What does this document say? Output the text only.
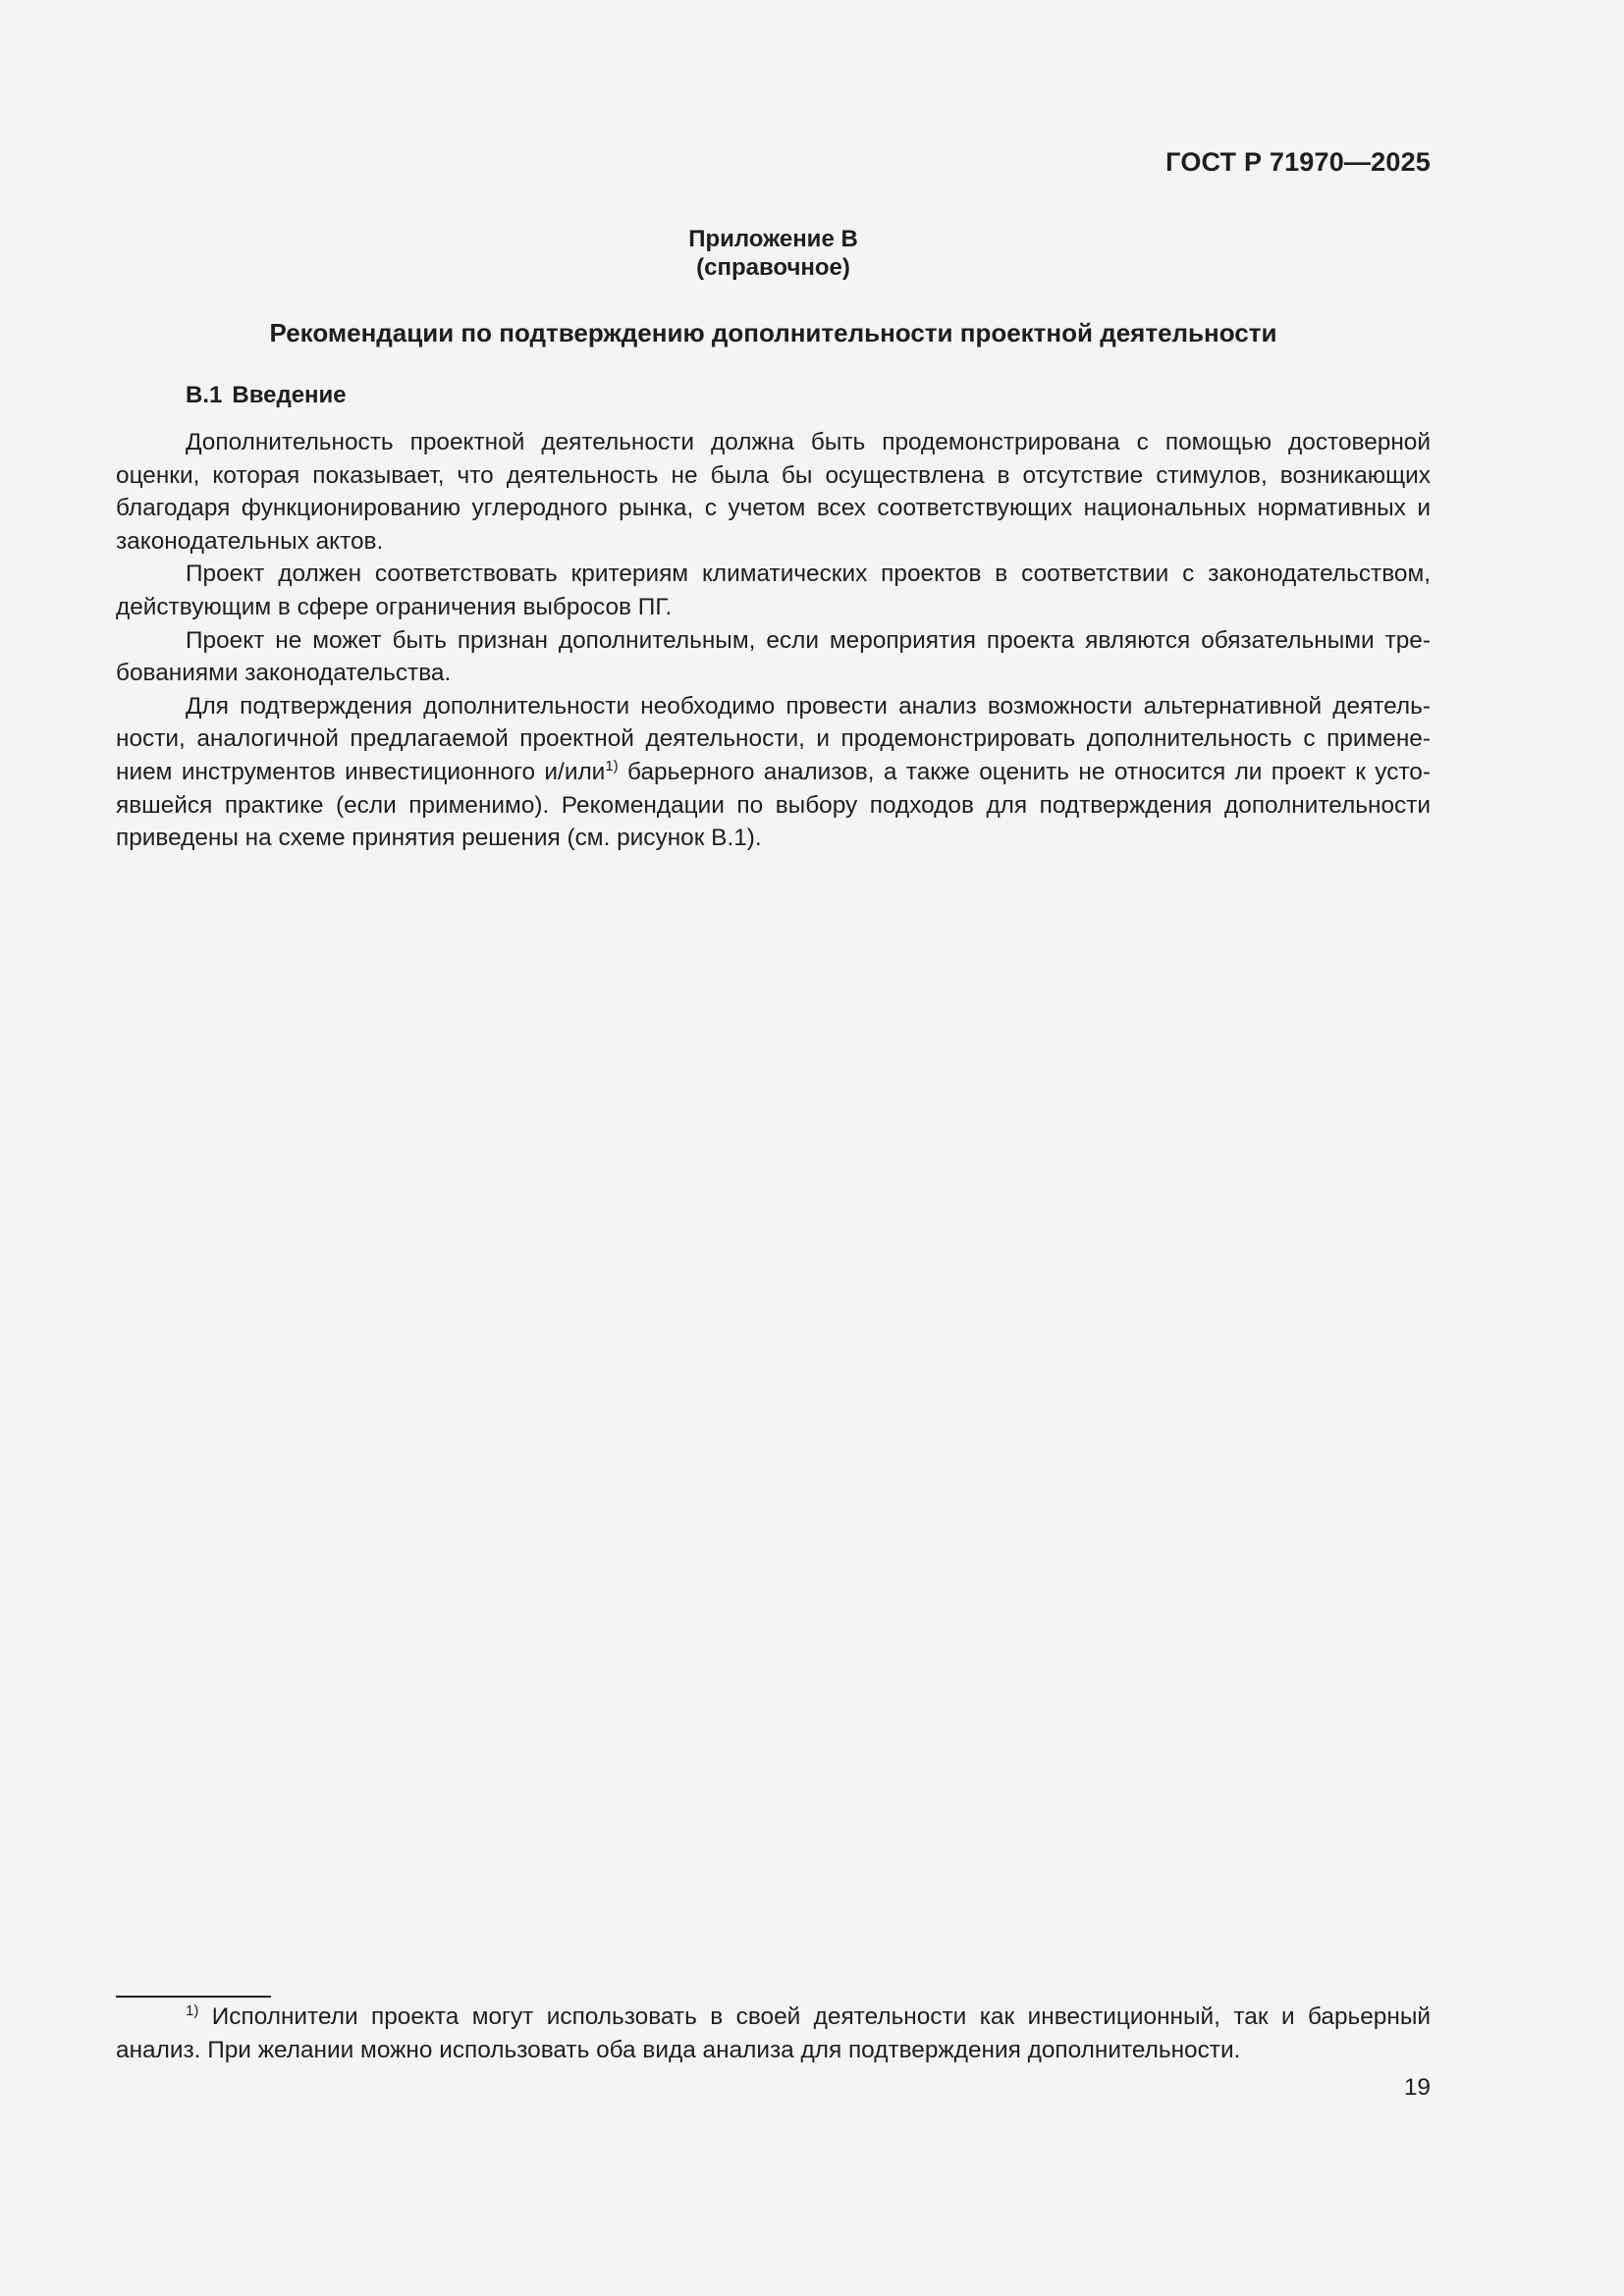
ГОСТ Р 71970—2025
Приложение В
(справочное)
Рекомендации по подтверждению дополнительности проектной деятельности
В.1 Введение

Дополнительность проектной деятельности должна быть продемонстрирована с помощью достоверной оценки, которая показывает, что деятельность не была бы осуществлена в отсутствие стимулов, возникающих благодаря функционированию углеродного рынка, с учетом всех соответствующих национальных нормативных и законодательных актов.

Проект должен соответствовать критериям климатических проектов в соответствии с законодательством, действующим в сфере ограничения выбросов ПГ.

Проект не может быть признан дополнительным, если мероприятия проекта являются обязательными требованиями законодательства.

Для подтверждения дополнительности необходимо провести анализ возможности альтернативной деятельности, аналогичной предлагаемой проектной деятельности, и продемонстрировать дополнительность с применением инструментов инвестиционного и/или$^{1)}$ барьерного анализов, а также оценить не относится ли проект к устоявшейся практике (если применимо). Рекомендации по выбору подходов для подтверждения дополнительности приведены на схеме принятия решения (см. рисунок В.1).

$^{1)}$ Исполнители проекта могут использовать в своей деятельности как инвестиционный, так и барьерный анализ. При желании можно использовать оба вида анализа для подтверждения дополнительности.

19
